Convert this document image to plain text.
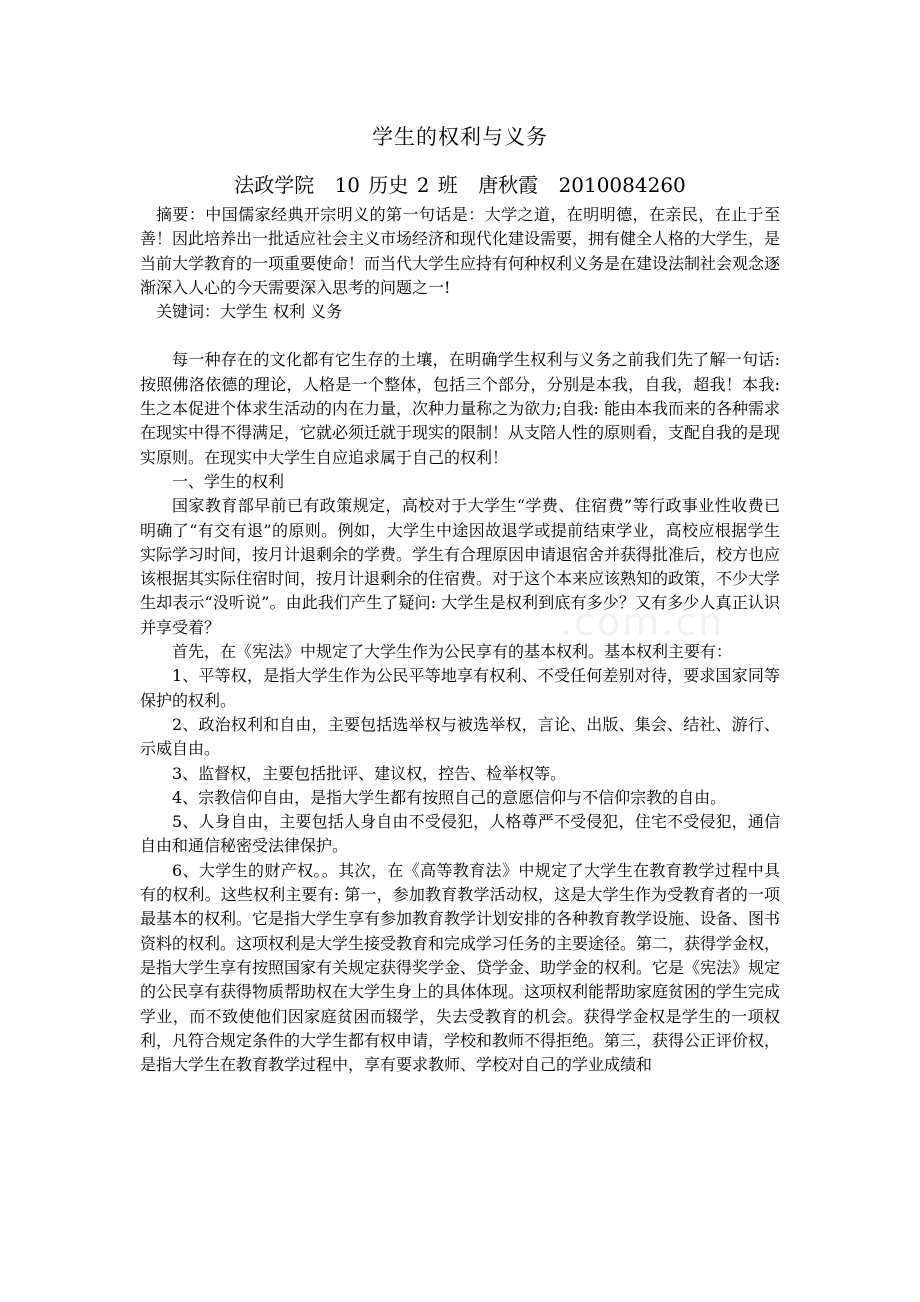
学生的权利与义务
法政学院 10 历史 2 班 唐秋霞 2010084260

摘要：中国儒家经典开宗明义的第一句话是：大学之道，在明明德，在亲民，在止于至善！因此培养出一批适应社会主义市场经济和现代化建设需要，拥有健全人格的大学生，是当前大学教育的一项重要使命！而当代大学生应持有何种权利义务是在建设法制社会观念逐渐深入人心的今天需要深入思考的问题之一!

关键词：大学生 权利 义务

每一种存在的文化都有它生存的土壤，在明确学生权利与义务之前我们先了解一句话: 按照佛洛依德的理论，人格是一个整体，包括三个部分，分别是本我，自我，超我！本我: 生之本促进个体求生活动的内在力量，次种力量称之为欲力;自我: 能由本我而来的各种需求在现实中得不得满足，它就必须迁就于现实的限制！从支陪人性的原则看，支配自我的是现实原则。在现实中大学生自应追求属于自己的权利！

一、学生的权利

国家教育部早前已有政策规定，高校对于大学生“学费、住宿费”等行政事业性收费已明确了“有交有退”的原则。例如，大学生中途因故退学或提前结束学业，高校应根据学生实际学习时间，按月计退剩余的学费。学生有合理原因申请退宿舍并获得批准后，校方也应该根据其实际住宿时间，按月计退剩余的住宿费。对于这个本来应该熟知的政策，不少大学生却表示“没听说”。由此我们产生了疑问: 大学生是权利到底有多少？又有多少人真正认识并享受着？

首先，在《宪法》中规定了大学生作为公民享有的基本权利。基本权利主要有：

1、平等权，是指大学生作为公民平等地享有权利、不受任何差别对待，要求国家同等保护的权利。

2、政治权利和自由，主要包括选举权与被选举权，言论、出版、集会、结社、游行、示威自由。

3、监督权，主要包括批评、建议权，控告、检举权等。

4、宗教信仰自由，是指大学生都有按照自己的意愿信仰与不信仰宗教的自由。

5、人身自由，主要包括人身自由不受侵犯，人格尊严不受侵犯，住宅不受侵犯，通信自由和通信秘密受法律保护。

6、大学生的财产权。。其次，在《高等教育法》中规定了大学生在教育教学过程中具有的权利。这些权利主要有: 第一，参加教育教学活动权，这是大学生作为受教育者的一项最基本的权利。它是指大学生享有参加教育教学计划安排的各种教育教学设施、设备、图书资料的权利。这项权利是大学生接受教育和完成学习任务的主要途径。第二，获得学金权，是指大学生享有按照国家有关规定获得奖学金、贷学金、助学金的权利。它是《宪法》规定的公民享有获得物质帮助权在大学生身上的具体体现。这项权利能帮助家庭贫困的学生完成学业，而不致使他们因家庭贫困而辍学，失去受教育的机会。获得学金权是学生的一项权利，凡符合规定条件的大学生都有权申请，学校和教师不得拒绝。第三，获得公正评价权，是指大学生在教育教学过程中，享有要求教师、学校对自己的学业成绩和

.com.cn
